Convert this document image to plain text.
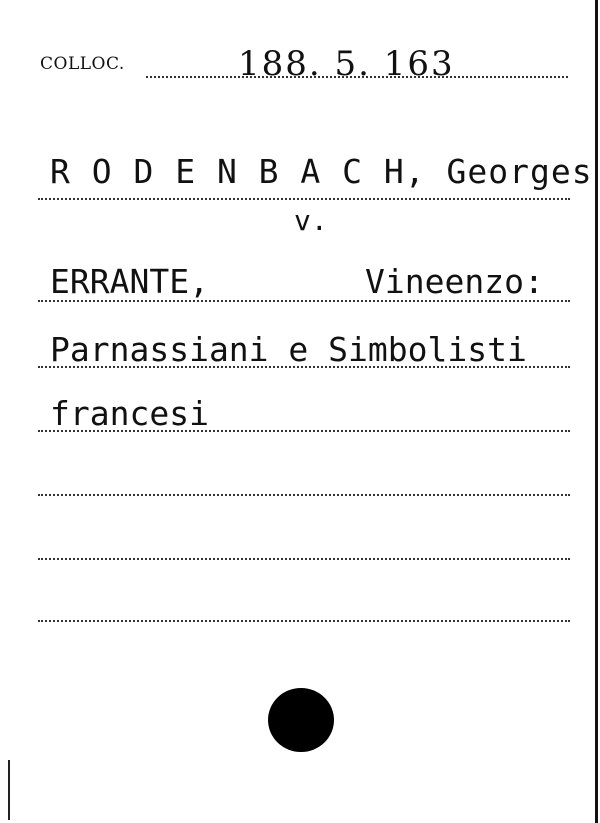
COLLOC.	188. 5. 163
R O D E N B A C H, Georges
v.
ERRANTE,	Vineenzo:
Parnassiani e Simbolisti
francesi
